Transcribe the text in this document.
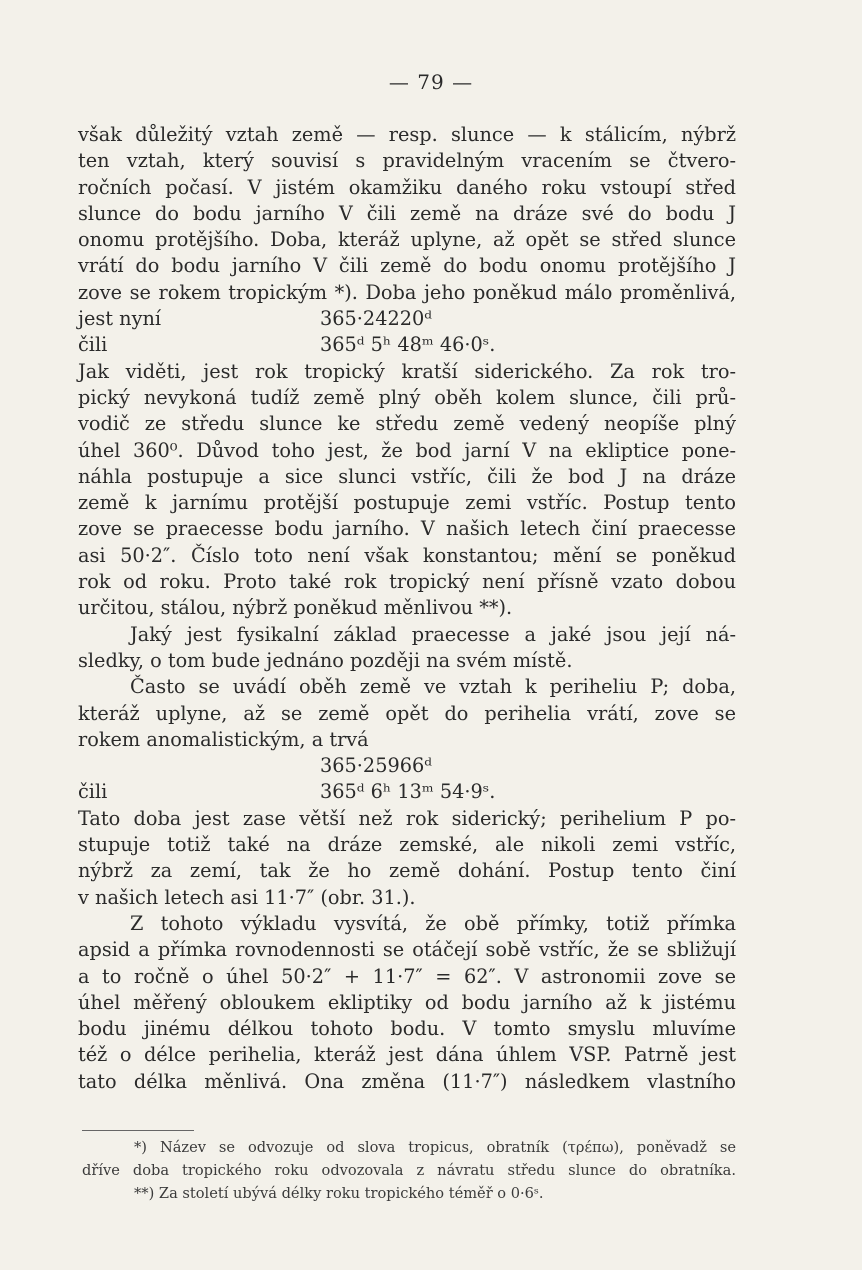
— 79 —
však důležitý vztah země — resp. slunce — k stálicím, nýbrž
ten vztah, který souvisí s pravidelným vracením se čtvero-
ročních počasí. V jistém okamžiku daného roku vstoupí střed
slunce do bodu jarního V čili země na dráze své do bodu J
onomu protějšího. Doba, kteráž uplyne, až opět se střed slunce
vrátí do bodu jarního V čili země do bodu onomu protějšího J
zove se rokem tropickým *). Doba jeho poněkud málo proměnlivá,
jest nyní	365·24220ᵈ
čili	365ᵈ 5ʰ 48ᵐ 46·0ˢ.
Jak viděti, jest rok tropický kratší siderického. Za rok tro-
pický nevykoná tudíž země plný oběh kolem slunce, čili prů-
vodič ze středu slunce ke středu země vedený neopíše plný
úhel 360⁰. Důvod toho jest, že bod jarní V na ekliptice pone-
náhla postupuje a sice slunci vstříc, čili že bod J na dráze
země k jarnímu protější postupuje zemi vstříc. Postup tento
zove se praecesse bodu jarního. V našich letech činí praecesse
asi 50·2″. Číslo toto není však konstantou; mění se poněkud
rok od roku. Proto také rok tropický není přísně vzato dobou
určitou, stálou, nýbrž poněkud měnlivou **).
Jaký jest fysikalní základ praecesse a jaké jsou její ná-
sledky, o tom bude jednáno později na svém místě.
Často se uvádí oběh země ve vztah k periheliu P; doba,
kteráž uplyne, až se země opět do perihelia vrátí, zove se
rokem anomalistickým, a trvá
365·25966ᵈ
čili	365ᵈ 6ʰ 13ᵐ 54·9ˢ.
Tato doba jest zase větší než rok siderický; perihelium P po-
stupuje totiž také na dráze zemské, ale nikoli zemi vstříc,
nýbrž za zemí, tak že ho země dohání. Postup tento činí
v našich letech asi 11·7″ (obr. 31.).
Z tohoto výkladu vysvítá, že obě přímky, totiž přímka
apsid a přímka rovnodennosti se otáčejí sobě vstříc, že se sbližují
a to ročně o úhel 50·2″ + 11·7″ = 62″. V astronomii zove se
úhel měřený obloukem ekliptiky od bodu jarního až k jistému
bodu jinému délkou tohoto bodu. V tomto smyslu mluvíme
též o délce perihelia, kteráž jest dána úhlem VSP. Patrně jest
tato délka měnlivá. Ona změna (11·7″) následkem vlastního
*) Název se odvozuje od slova tropicus, obratník (τρέπω), poněvadž se
dříve doba tropického roku odvozovala z návratu středu slunce do obratníka.
**) Za století ubývá délky roku tropického téměř o 0·6ˢ.
